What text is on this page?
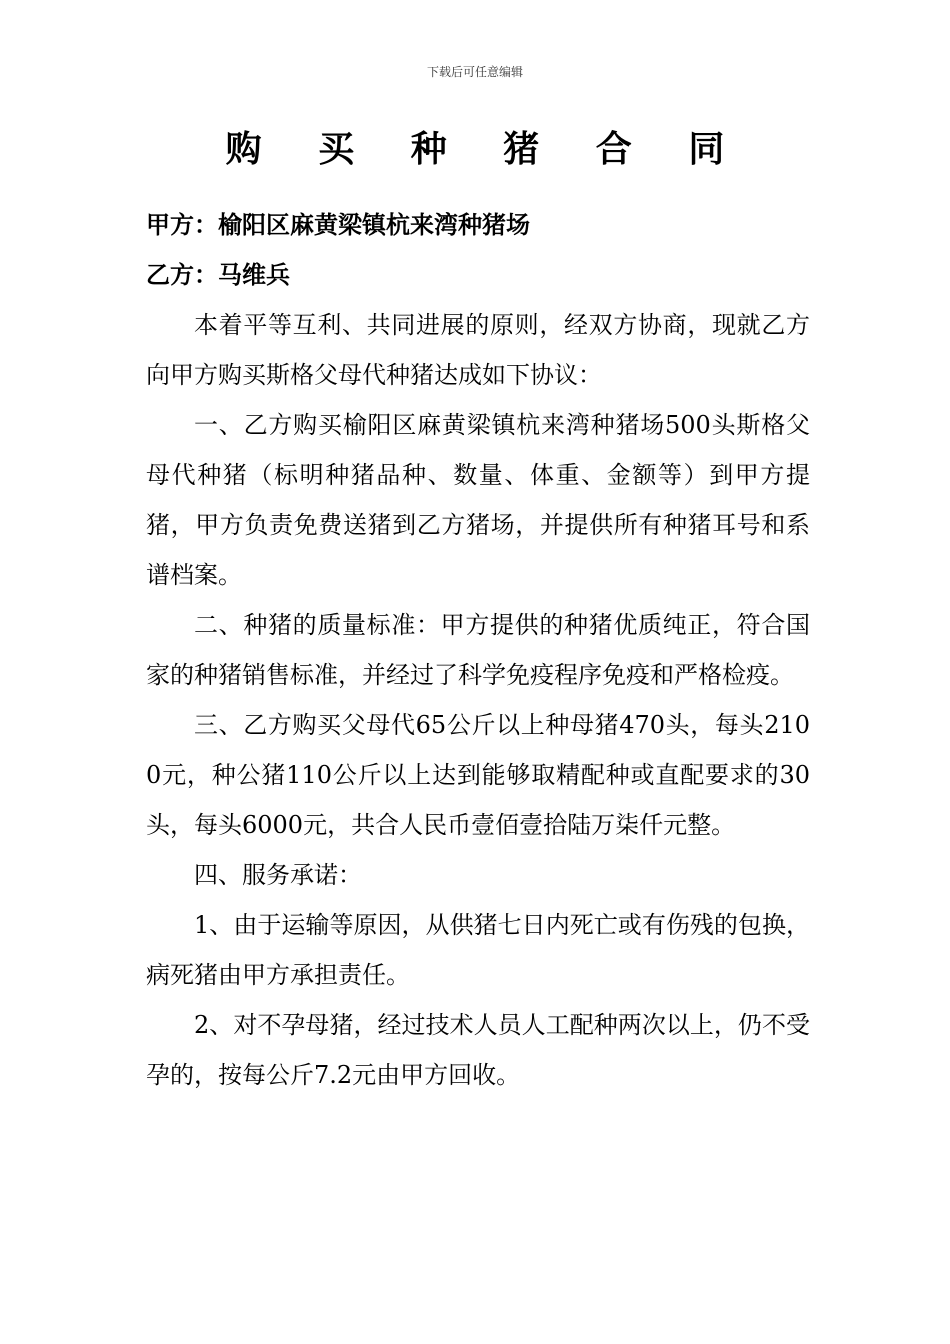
下载后可任意编辑
购 买 种 猪 合 同

甲方：榆阳区麻黄梁镇杭来湾种猪场

乙方：马维兵

本着平等互利、共同进展的原则，经双方协商，现就乙方向甲方购买斯格父母代种猪达成如下协议：

一、乙方购买榆阳区麻黄梁镇杭来湾种猪场500头斯格父母代种猪（标明种猪品种、数量、体重、金额等）到甲方提猪，甲方负责免费送猪到乙方猪场，并提供所有种猪耳号和系谱档案。

二、种猪的质量标准：甲方提供的种猪优质纯正，符合国家的种猪销售标准，并经过了科学免疫程序免疫和严格检疫。

三、乙方购买父母代65公斤以上种母猪470头，每头2100元，种公猪110公斤以上达到能够取精配种或直配要求的30头，每头6000元，共合人民币壹佰壹拾陆万柒仟元整。

四、服务承诺：

1、由于运输等原因，从供猪七日内死亡或有伤残的包换，病死猪由甲方承担责任。

2、对不孕母猪，经过技术人员人工配种两次以上，仍不受孕的，按每公斤7.2元由甲方回收。
